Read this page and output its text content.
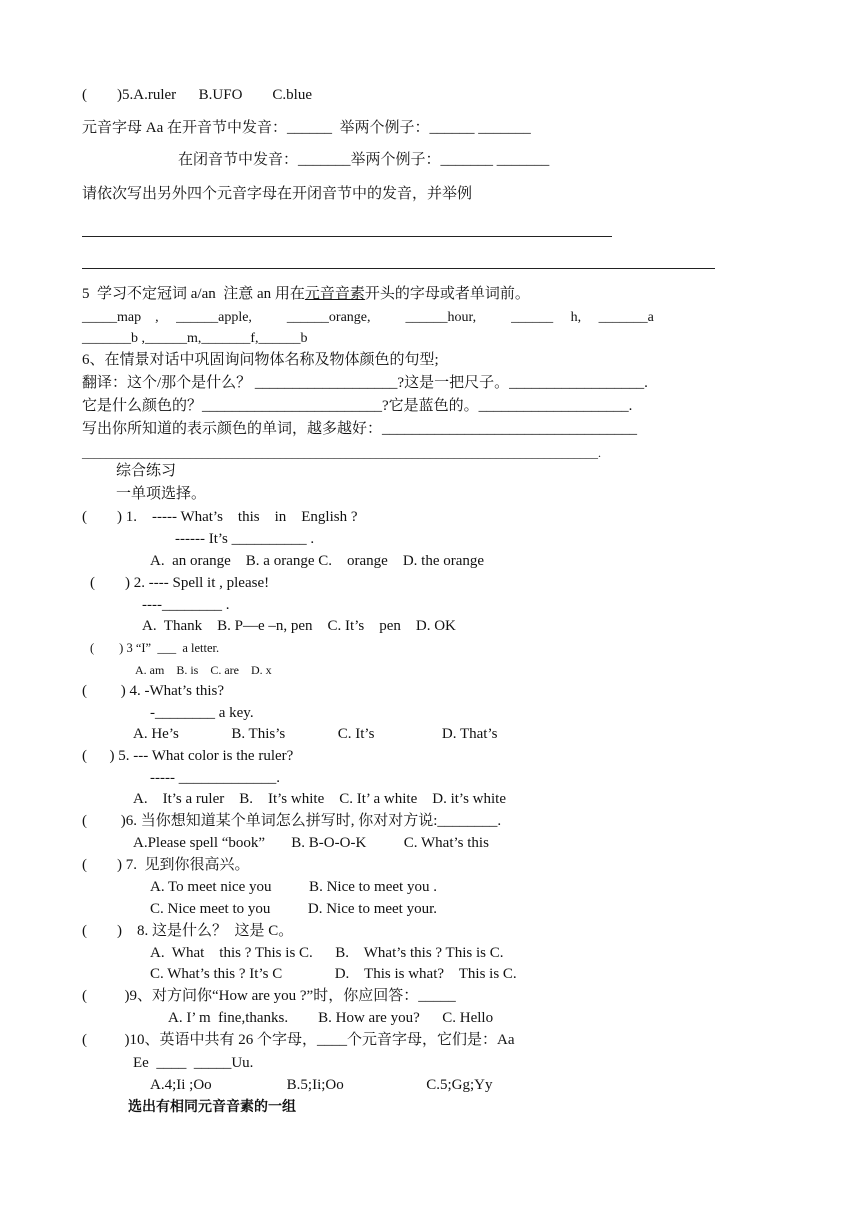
(        )5.A.ruler      B.UFO        C.blue
元音字母 Aa 在开音节中发音：______  举两个例子：______ _______
在闭音节中发音：_______举两个例子：_______ _______
请依次写出另外四个元音字母在开闭音节中的发音，并举例
5  学习不定冠词 a/an  注意 an 用在元音音素开头的字母或者单词前。
_____map    ,     ______apple,          ______orange,          ______hour,          ______     h,     _______a
_______b ,______m,_______f,______b
6、在情景对话中巩固询问物体名称及物体颜色的句型;
翻译：这个/那个是什么？ ___________________?这是一把尺子。__________________.
它是什么颜色的？________________________?它是蓝色的。____________________.
写出你所知道的表示颜色的单词，越多越好：__________________________________
______________________________________________________________________________________.
综合练习
一单项选择。
(        ) 1.    ----- What’s    this    in    English ?
------ It’s __________ .
A.  an orange    B. a orange C.    orange    D. the orange
(        ) 2. ---- Spell it , please!
----________ .
A.  Thank    B. P—e –n, pen    C. It’s    pen    D. OK
(        ) 3 “I”  ___  a letter.
A. am    B. is    C. are    D. x
(         ) 4. -What’s this?
-________ a key.
A. He’s              B. This’s              C. It’s                  D. That’s
(      ) 5. --- What color is the ruler?
----- _____________.
A.    It’s a ruler    B.    It’s white    C. It’ a white    D. it’s white
(         )6. 当你想知道某个单词怎么拼写时, 你对对方说:________.
A.Please spell “book”       B. B-O-O-K          C. What’s this
(        ) 7.  见到你很高兴。
A. To meet nice you          B. Nice to meet you .
C. Nice meet to you          D. Nice to meet your.
(        )    8. 这是什么？  这是 C。
A.  What    this ? This is C.      B.    What’s this ? This is C.
C. What’s this ? It’s C              D.    This is what?    This is C.
(          )9、对方问你“How are you ?”时，你应回答：_____
A. I’ m  fine,thanks.        B. How are you?      C. Hello
(          )10、英语中共有 26 个字母，____个元音字母，它们是：Aa
Ee  ____  _____Uu.
A.4;Ii ;Oo                    B.5;Ii;Oo                      C.5;Gg;Yy
选出有相同元音音素的一组
